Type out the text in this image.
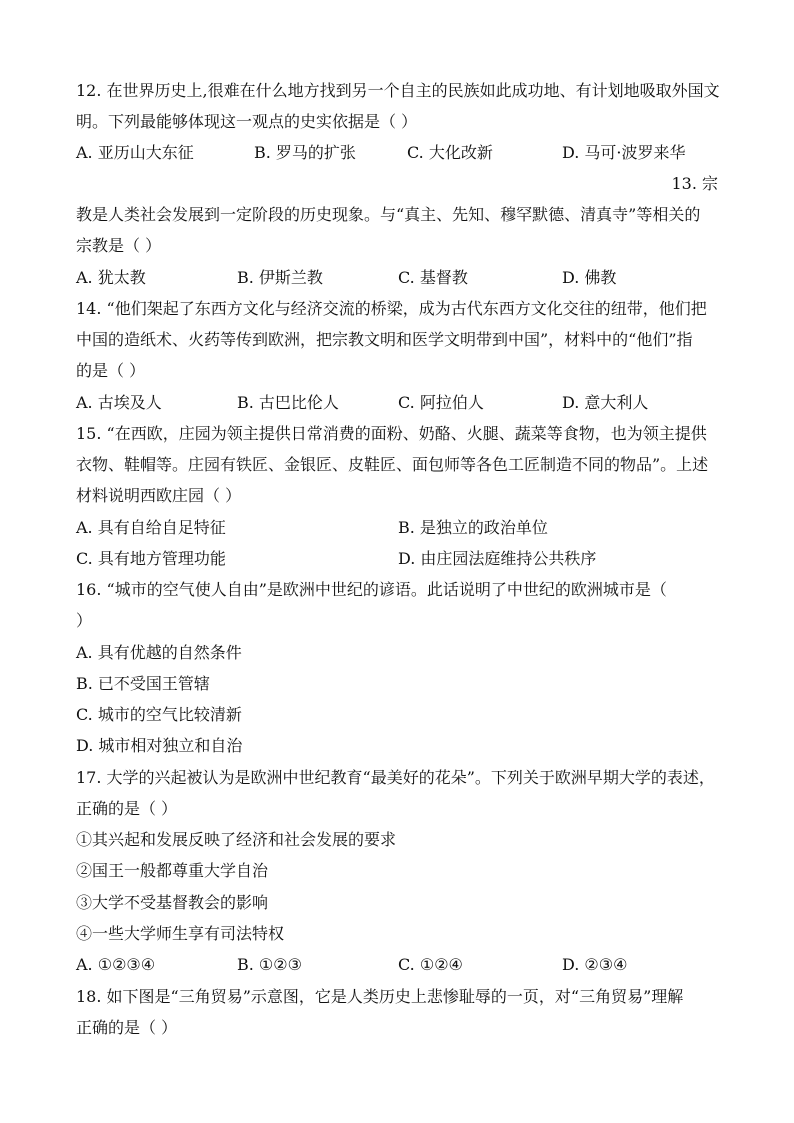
12. 在世界历史上,很难在什么地方找到另一个自主的民族如此成功地、有计划地吸取外国文
明。下列最能够体现这一观点的史实依据是（ ）
A. 亚历山大东征	B. 罗马的扩张	C. 大化改新	D. 马可·波罗来华
13. 宗
教是人类社会发展到一定阶段的历史现象。与“真主、先知、穆罕默德、清真寺”等相关的
宗教是（ ）
A. 犹太教	B. 伊斯兰教	C. 基督教	D. 佛教
14. “他们架起了东西方文化与经济交流的桥梁，成为古代东西方文化交往的纽带，他们把
中国的造纸术、火药等传到欧洲，把宗教文明和医学文明带到中国”，材料中的“他们”指
的是（ ）
A. 古埃及人	B. 古巴比伦人	C. 阿拉伯人	D. 意大利人
15. “在西欧，庄园为领主提供日常消费的面粉、奶酪、火腿、蔬菜等食物，也为领主提供
衣物、鞋帽等。庄园有铁匠、金银匠、皮鞋匠、面包师等各色工匠制造不同的物品”。上述
材料说明西欧庄园（ ）
A. 具有自给自足特征	B. 是独立的政治单位
C. 具有地方管理功能	D. 由庄园法庭维持公共秩序
16. “城市的空气使人自由”是欧洲中世纪的谚语。此话说明了中世纪的欧洲城市是（
）
A. 具有优越的自然条件
B. 已不受国王管辖
C. 城市的空气比较清新
D. 城市相对独立和自治
17. 大学的兴起被认为是欧洲中世纪教育“最美好的花朵”。下列关于欧洲早期大学的表述，
正确的是（ ）
①其兴起和发展反映了经济和社会发展的要求
②国王一般都尊重大学自治
③大学不受基督教会的影响
④一些大学师生享有司法特权
A. ①②③④	B. ①②③	C. ①②④	D. ②③④
18. 如下图是“三角贸易”示意图，它是人类历史上悲惨耻辱的一页，对“三角贸易”理解
正确的是（ ）
